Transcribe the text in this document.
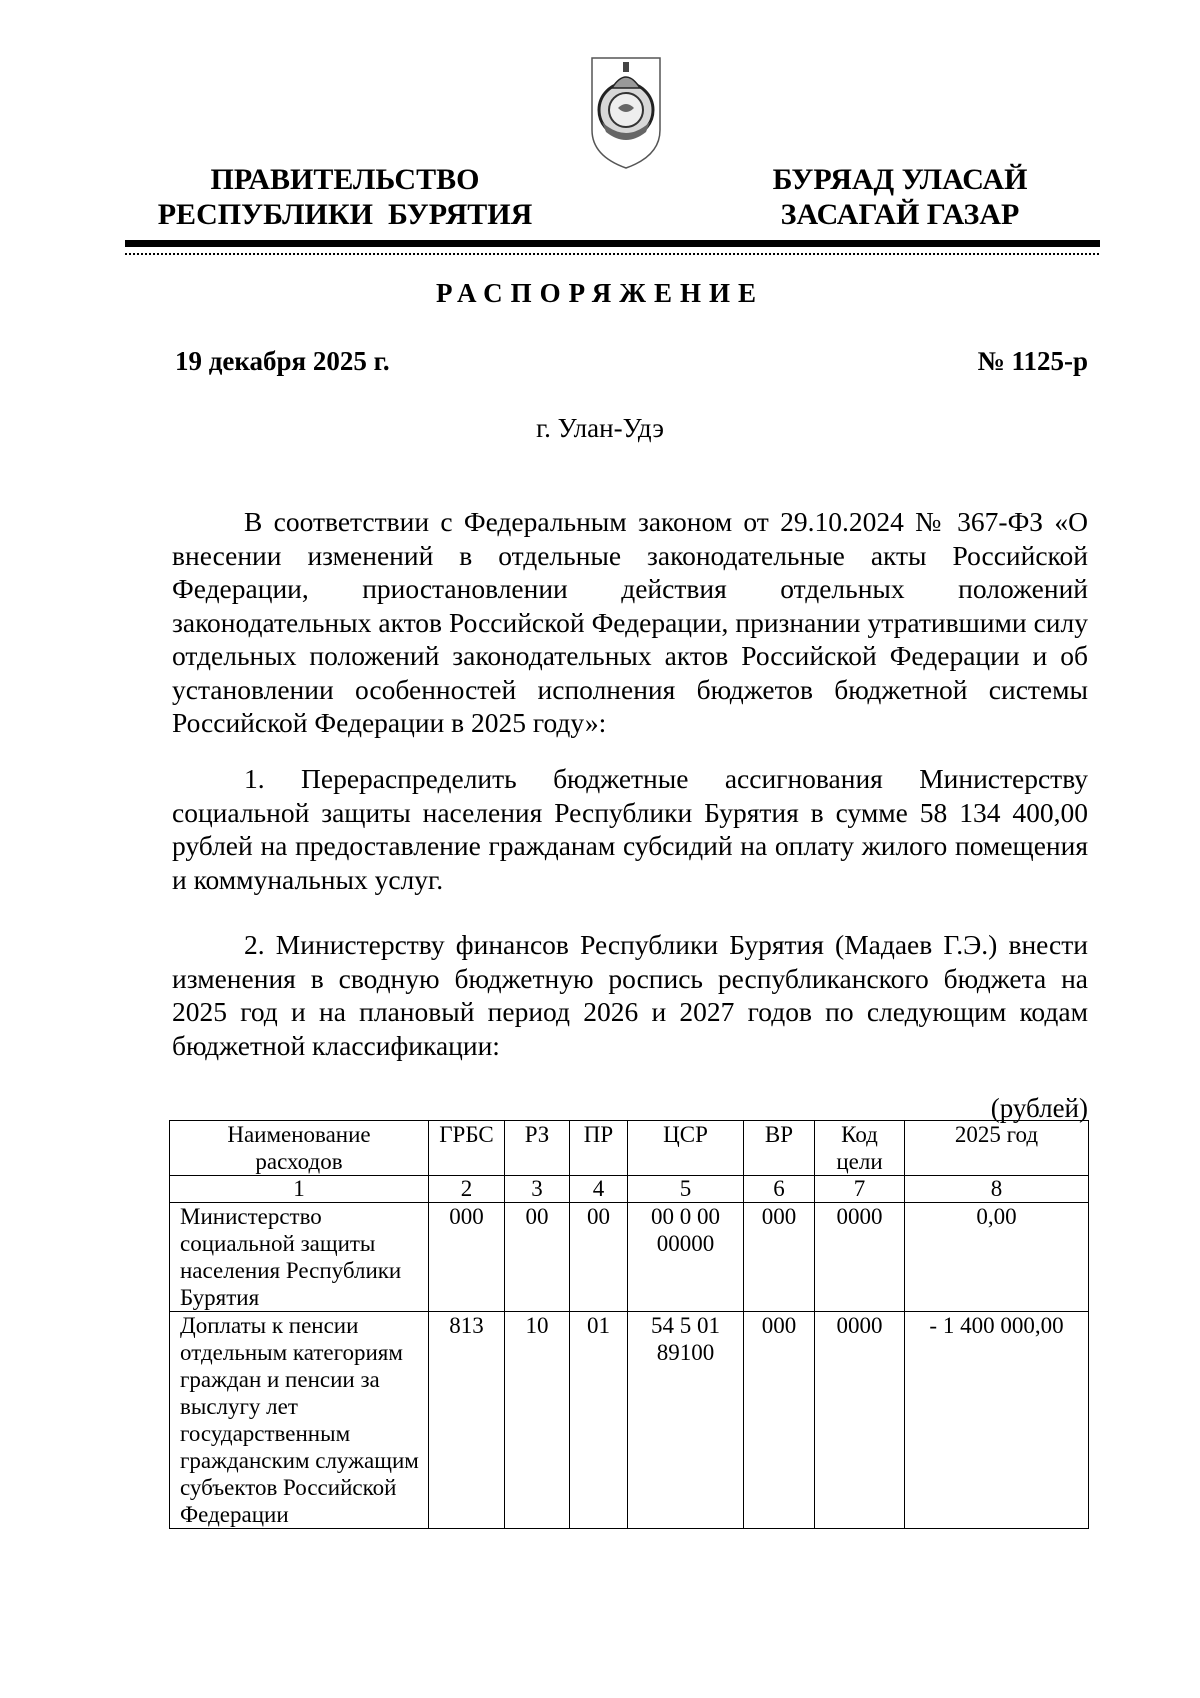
ПРАВИТЕЛЬСТВО
РЕСПУБЛИКИ  БУРЯТИЯ
БУРЯАД УЛАСАЙ
ЗАСАГАЙ ГАЗАР
РАСПОРЯЖЕНИЕ
19 декабря 2025 г.	№ 1125-р
г. Улан-Удэ

В соответствии с Федеральным законом от 29.10.2024 № 367-ФЗ «О внесении изменений в отдельные законодательные акты Российской Федерации, приостановлении действия отдельных положений законодательных актов Российской Федерации, признании утратившими силу отдельных положений законодательных актов Российской Федерации и об установлении особенностей исполнения бюджетов бюджетной системы Российской Федерации в 2025 году»:

1. Перераспределить бюджетные ассигнования Министерству социальной защиты населения Республики Бурятия в сумме 58 134 400,00 рублей на предоставление гражданам субсидий на оплату жилого помещения и коммунальных услуг.

2. Министерству финансов Республики Бурятия (Мадаев Г.Э.) внести изменения в сводную бюджетную роспись республиканского бюджета на 2025 год и на плановый период 2026 и 2027 годов по следующим кодам бюджетной классификации:

(рублей)
Наименование расходов	ГРБС	РЗ	ПР	ЦСР	ВР	Код цели	2025 год
1	2	3	4	5	6	7	8
Министерство социальной защиты населения Республики Бурятия	000	00	00	00 0 00 00000	000	0000	0,00
Доплаты к пенсии отдельным категориям граждан и пенсии за выслугу лет государственным гражданским служащим субъектов Российской Федерации	813	10	01	54 5 01 89100	000	0000	- 1 400 000,00
